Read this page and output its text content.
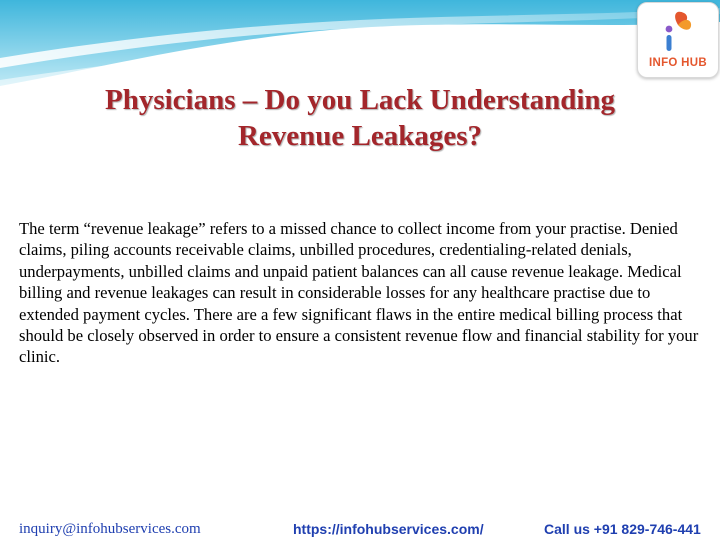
INFO HUB
Physicians – Do you Lack Understanding
Revenue Leakages?

The term “revenue leakage” refers to a missed chance to collect income from your practise. Denied claims, piling accounts receivable claims, unbilled procedures, credentialing-related denials, underpayments, unbilled claims and unpaid patient balances can all cause revenue leakage. Medical billing and revenue leakages can result in considerable losses for any healthcare practise due to extended payment cycles. There are a few significant flaws in the entire medical billing process that should be closely observed in order to ensure a consistent revenue flow and financial stability for your clinic.

inquiry@infohubservices.com	https://infohubservices.com/	Call us +91 829-746-441
